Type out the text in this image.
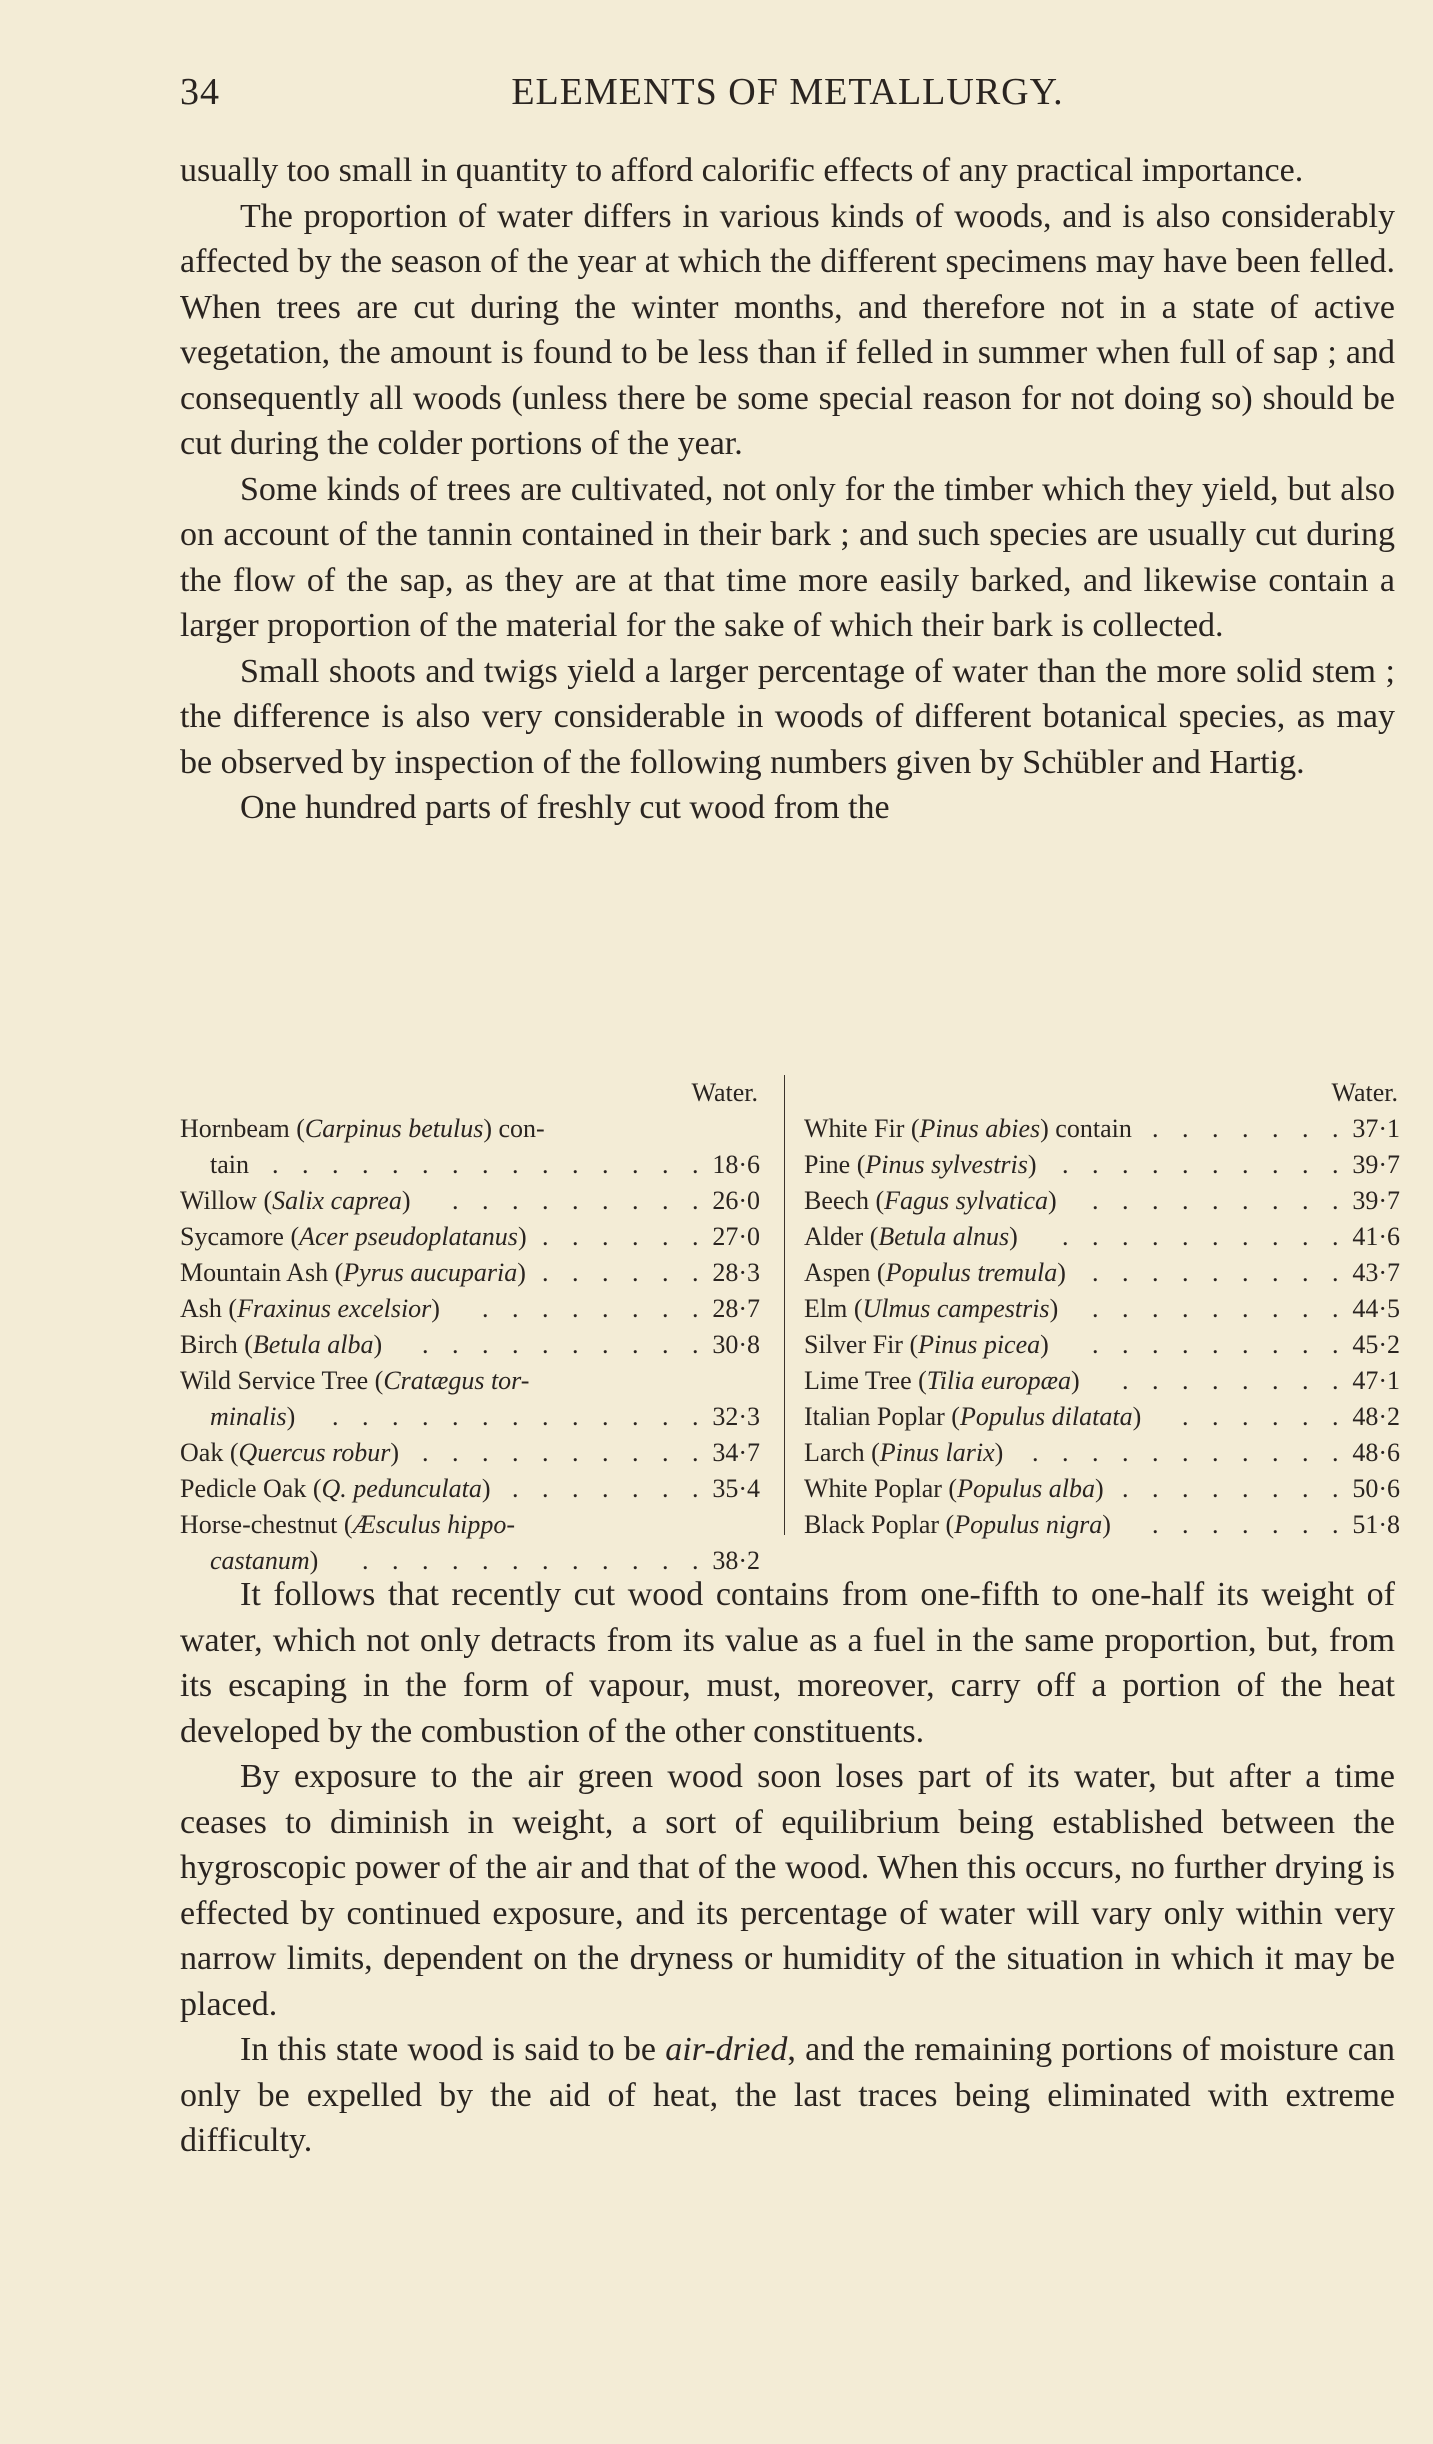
34	ELEMENTS OF METALLURGY.

usually too small in quantity to afford calorific effects of any practical importance.

The proportion of water differs in various kinds of woods, and is also considerably affected by the season of the year at which the different specimens may have been felled. When trees are cut during the winter months, and therefore not in a state of active vegetation, the amount is found to be less than if felled in summer when full of sap ; and consequently all woods (unless there be some special reason for not doing so) should be cut during the colder portions of the year.

Some kinds of trees are cultivated, not only for the timber which they yield, but also on account of the tannin contained in their bark ; and such species are usually cut during the flow of the sap, as they are at that time more easily barked, and likewise contain a larger proportion of the material for the sake of which their bark is collected.

Small shoots and twigs yield a larger percentage of water than the more solid stem ; the difference is also very considerable in woods of different botanical species, as may be observed by inspection of the following numbers given by Schübler and Hartig.

One hundred parts of freshly cut wood from the

Water.
Hornbeam (Carpinus betulus) con-
tain	18·6
.
.
.
.
.
.
.
.
.
.
.
.
.
.
.
Willow (Salix caprea)	26·0
.
.
.
.
.
.
.
.
.
Sycamore (Acer pseudoplatanus)	27·0
.
.
.
.
.
.
Mountain Ash (Pyrus aucuparia)	28·3
.
.
.
.
.
.
Ash (Fraxinus excelsior)	28·7
.
.
.
.
.
.
.
.
Birch (Betula alba)	30·8
.
.
.
.
.
.
.
.
.
.
Wild Service Tree (Cratægus tor-
minalis)	32·3
.
.
.
.
.
.
.
.
.
.
.
.
.
Oak (Quercus robur)	34·7
.
.
.
.
.
.
.
.
.
.
Pedicle Oak (Q. pedunculata)	35·4
.
.
.
.
.
.
.
Horse-chestnut (Æsculus hippo-
castanum)	38·2
.
.
.
.
.
.
.
.
.
.
.
.
Water.
White Fir (Pinus abies) contain	37·1
.
.
.
.
.
.
.
Pine (Pinus sylvestris)	39·7
.
.
.
.
.
.
.
.
.
.
Beech (Fagus sylvatica)	39·7
.
.
.
.
.
.
.
.
.
Alder (Betula alnus)	41·6
.
.
.
.
.
.
.
.
.
.
Aspen (Populus tremula)	43·7
.
.
.
.
.
.
.
.
.
Elm (Ulmus campestris)	44·5
.
.
.
.
.
.
.
.
.
Silver Fir (Pinus picea)	45·2
.
.
.
.
.
.
.
.
.
Lime Tree (Tilia europæa)	47·1
.
.
.
.
.
.
.
.
Italian Poplar (Populus dilatata)	48·2
.
.
.
.
.
.
Larch (Pinus larix)	48·6
.
.
.
.
.
.
.
.
.
.
.
White Poplar (Populus alba)	50·6
.
.
.
.
.
.
.
.
Black Poplar (Populus nigra)	51·8
.
.
.
.
.
.
.

It follows that recently cut wood contains from one-fifth to one-half its weight of water, which not only detracts from its value as a fuel in the same proportion, but, from its escaping in the form of vapour, must, moreover, carry off a portion of the heat developed by the combustion of the other constituents.

By exposure to the air green wood soon loses part of its water, but after a time ceases to diminish in weight, a sort of equilibrium being established between the hygroscopic power of the air and that of the wood. When this occurs, no further drying is effected by continued exposure, and its percentage of water will vary only within very narrow limits, dependent on the dryness or humidity of the situation in which it may be placed.

In this state wood is said to be air-dried, and the remaining portions of moisture can only be expelled by the aid of heat, the last traces being eliminated with extreme difficulty.
